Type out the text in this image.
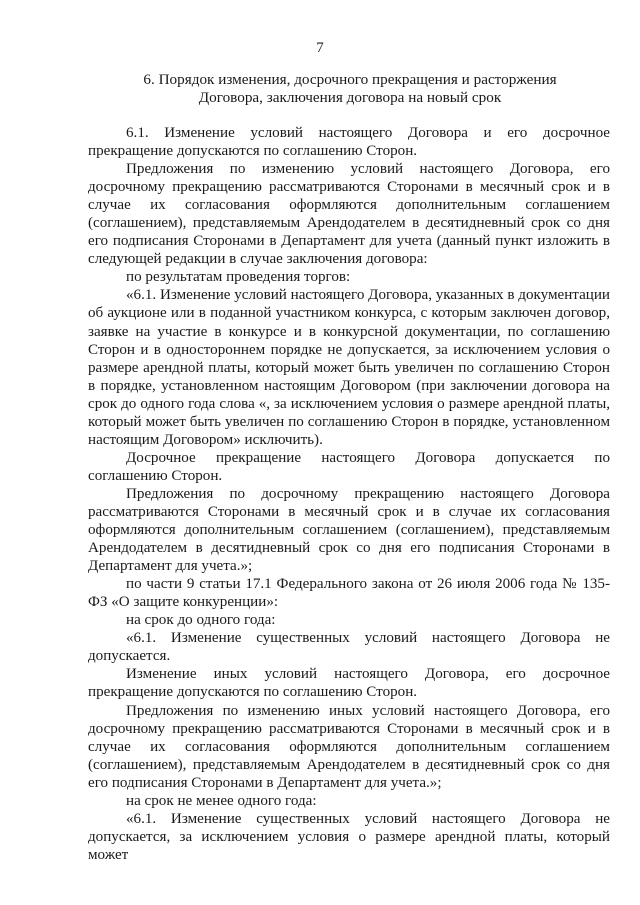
7
6. Порядок изменения, досрочного прекращения и расторжения
Договора, заключения договора на новый срок

6.1. Изменение условий настоящего Договора и его досрочное прекращение допускаются по соглашению Сторон.

Предложения по изменению условий настоящего Договора, его досрочному прекращению рассматриваются Сторонами в месячный срок и в случае их согласования оформляются дополнительным соглашением (соглашением), представляемым Арендодателем в десятидневный срок со дня его подписания Сторонами в Департамент для учета (данный пункт изложить в следующей редакции в случае заключения договора:

по результатам проведения торгов:

«6.1. Изменение условий настоящего Договора, указанных в документации об аукционе или в поданной участником конкурса, с которым заключен договор, заявке на участие в конкурсе и в конкурсной документации, по соглашению Сторон и в одностороннем порядке не допускается, за исключением условия о размере арендной платы, который может быть увеличен по соглашению Сторон в порядке, установленном настоящим Договором (при заключении договора на срок до одного года слова «, за исключением условия о размере арендной платы, который может быть увеличен по соглашению Сторон в порядке, установленном настоящим Договором» исключить).

Досрочное прекращение настоящего Договора допускается по соглашению Сторон.

Предложения по досрочному прекращению настоящего Договора рассматриваются Сторонами в месячный срок и в случае их согласования оформляются дополнительным соглашением (соглашением), представляемым Арендодателем в десятидневный срок со дня его подписания Сторонами в Департамент для учета.»;

по части 9 статьи 17.1 Федерального закона от 26 июля 2006 года № 135-ФЗ «О защите конкуренции»:

на срок до одного года:

«6.1. Изменение существенных условий настоящего Договора не допускается.

Изменение иных условий настоящего Договора, его досрочное прекращение допускаются по соглашению Сторон.

Предложения по изменению иных условий настоящего Договора, его досрочному прекращению рассматриваются Сторонами в месячный срок и в случае их согласования оформляются дополнительным соглашением (соглашением), представляемым Арендодателем в десятидневный срок со дня его подписания Сторонами в Департамент для учета.»;

на срок не менее одного года:

«6.1. Изменение существенных условий настоящего Договора не допускается, за исключением условия о размере арендной платы, который может
